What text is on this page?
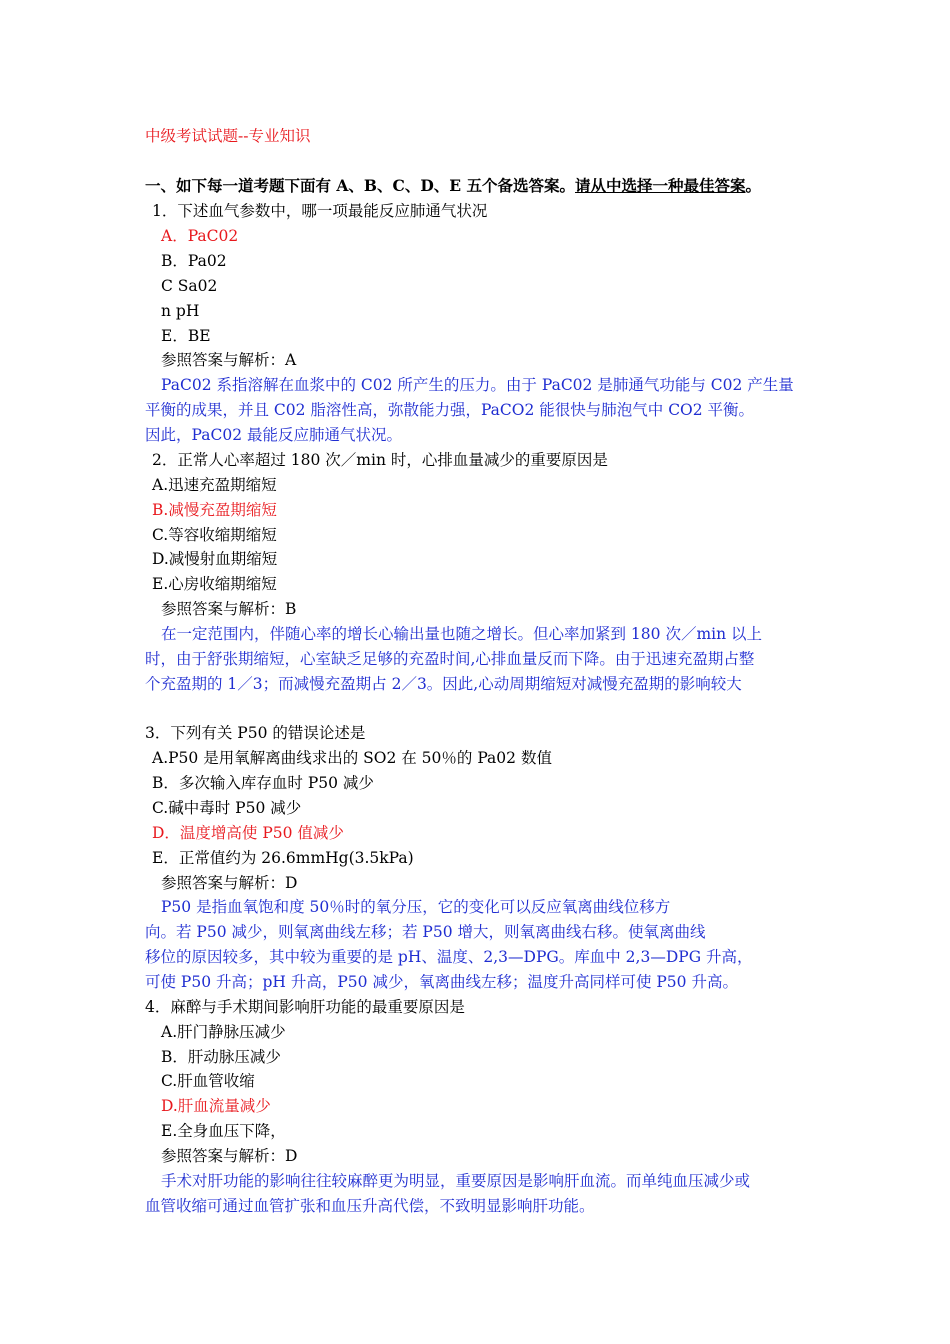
中级考试试题--专业知识
一、如下每一道考题下面有 A、B、C、D、E 五个备选答案。请从中选择一种最佳答案。
1．下述血气参数中，哪一项最能反应肺通气状况
A．PaC02
B．Pa02
C Sa02
n pH
E．BE
参照答案与解析：A
PaC02 系指溶解在血浆中的 C02 所产生的压力。由于 PaC02 是肺通气功能与 C02 产生量
平衡的成果，并且 C02 脂溶性高，弥散能力强，PaCO2 能很快与肺泡气中 CO2 平衡。
因此，PaC02 最能反应肺通气状况。
2．正常人心率超过 180 次／min 时，心排血量减少的重要原因是
A.迅速充盈期缩短
B.减慢充盈期缩短
C.等容收缩期缩短
D.减慢射血期缩短
E.心房收缩期缩短
参照答案与解析：B
在一定范围内，伴随心率的增长心输出量也随之增长。但心率加紧到 180 次／min 以上
时，由于舒张期缩短，心室缺乏足够的充盈时间,心排血量反而下降。由于迅速充盈期占整
个充盈期的 1／3；而减慢充盈期占 2／3。因此,心动周期缩短对减慢充盈期的影响较大
3．下列有关 P50 的错误论述是
A.P50 是用氧解离曲线求出的 SO2 在 50％的 Pa02 数值
B．多次输入库存血时 P50 减少
C.碱中毒时 P50 减少
D．温度增高使 P50 值减少
E．正常值约为 26.6mmHg(3.5kPa)
参照答案与解析：D
P50 是指血氧饱和度 50％时的氧分压，它的变化可以反应氧离曲线位移方
向。若 P50 减少，则氧离曲线左移；若 P50 增大，则氧离曲线右移。使氧离曲线
移位的原因较多，其中较为重要的是 pH、温度、2,3—DPG。库血中 2,3—DPG 升高，
可使 P50 升高；pH 升高，P50 减少，氧离曲线左移；温度升高同样可使 P50 升高。
4．麻醉与手术期间影响肝功能的最重要原因是
A.肝门静脉压减少
B．肝动脉压减少
C.肝血管收缩
D.肝血流量减少
E.全身血压下降，
参照答案与解析：D
手术对肝功能的影响往往较麻醉更为明显，重要原因是影响肝血流。而单纯血压减少或
血管收缩可通过血管扩张和血压升高代偿，不致明显影响肝功能。
